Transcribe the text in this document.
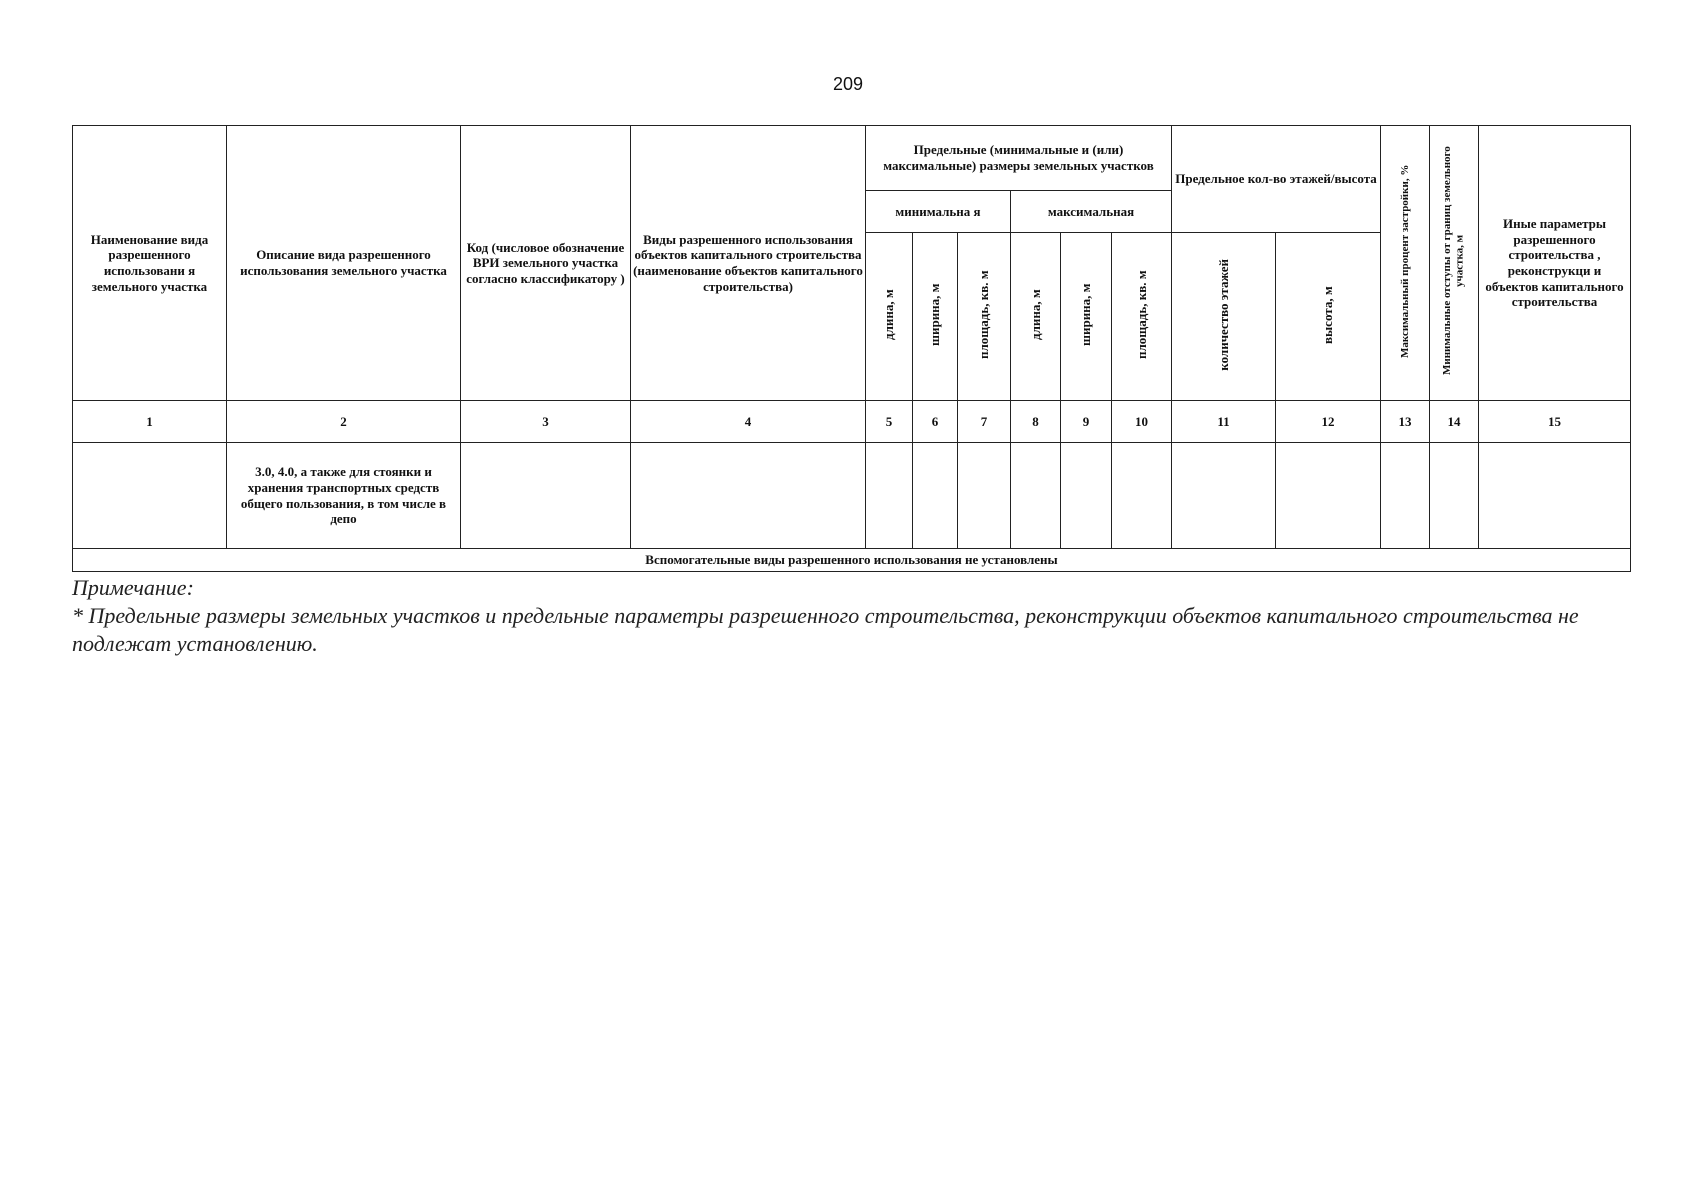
209
Наименование вида разрешенного использовани я земельного участка	Описание вида разрешенного использования земельного участка	Код (числовое обозначение ВРИ земельного участка согласно классификатору )	Виды разрешенного использования объектов капитального строительства (наименование объектов капитального строительства)	Предельные (минимальные и (или) максимальные) размеры земельных участков						Предельное кол-во этажей/высота		Максимальный процент застройки, %	Минимальные отступы от границ земельного участка, м	Иные параметры разрешенного строительства , реконструкци и объектов капитального строительства
				минимальна я			максимальная							
				длина, м	ширина, м	площадь, кв. м	длина, м	ширина, м	площадь, кв. м	количество этажей	высота, м			
1	2	3	4	5	6	7	8	9	10	11	12	13	14	15
	3.0, 4.0, а также для стоянки и хранения транспортных средств общего пользования, в том числе в депо													
Вспомогательные виды разрешенного использования не установлены														
Примечание:
* Предельные размеры земельных участков и предельные параметры разрешенного строительства, реконструкции объектов капитального строительства не подлежат установлению.
